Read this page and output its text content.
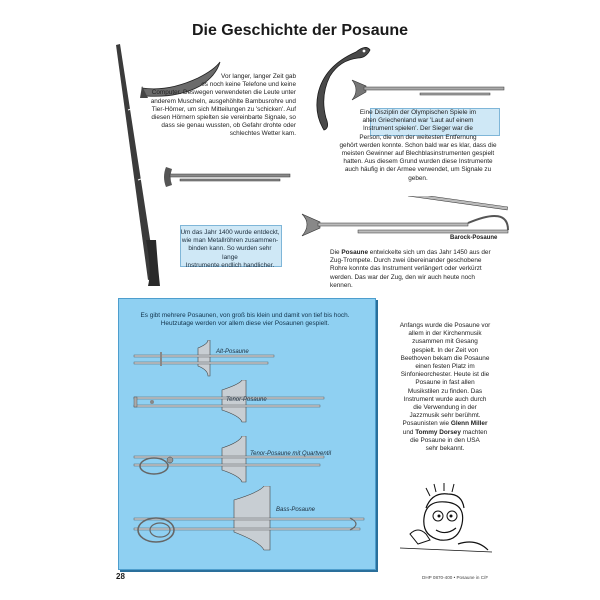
Die Geschichte der Posaune
Vor langer, langer Zeit gab
es noch keine Telefone und keine
Computer. Deswegen verwendeten die Leute unter
anderem Muscheln, ausgehöhlte Bambusrohre und
Tier-Hörner, um sich Mitteilungen zu 'schicken'. Auf
diesen Hörnern spielten sie vereinbarte Signale, so
dass sie genau wussten, ob Gefahr drohte oder
schlechtes Wetter kam.
Eine Disziplin der Olympischen Spiele im
alten Griechenland war 'Laut auf einem
Instrument spielen'. Der Sieger war die
Person, die von der weitesten Entfernung
gehört werden konnte. Schon bald war es klar, dass die
meisten Gewinner auf Blechblasinstrumenten gespielt
hatten. Aus diesem Grund wurden diese Instrumente
auch häufig in der Armee verwendet, um Signale zu
geben.
Barock-Posaune
Um das Jahr 1400 wurde entdeckt,
wie man Metallröhren zusammen-
binden kann. So wurden sehr lange
Instrumente endlich handlicher.
Die Posaune entwickelte sich um das Jahr 1450 aus der
Zug-Trompete. Durch zwei übereinander geschobene
Rohre konnte das Instrument verlängert oder verkürzt
werden. Das war der Zug, den wir auch heute noch
kennen.
Es gibt mehrere Posaunen, von groß bis klein und damit von tief bis hoch.
Heutzutage werden vor allem diese vier Posaunen gespielt.
Alt-Posaune
Tenor-Posaune
Tenor-Posaune mit Quartventil
Bass-Posaune
Anfangs wurde die Posaune vor
allem in der Kirchenmusik
zusammen mit Gesang
gespielt. In der Zeit von
Beethoven bekam die Posaune
einen festen Platz im
Sinfonieorchester. Heute ist die
Posaune in fast allen
Musikstilen zu finden. Das
Instrument wurde auch durch
die Verwendung in der
Jazzmusik sehr berühmt.
Posaunisten wie Glenn Miller
und Tommy Dorsey machten
die Posaune in den USA
sehr bekannt.
28	DHP 0870-400 • Posaune in C/F
